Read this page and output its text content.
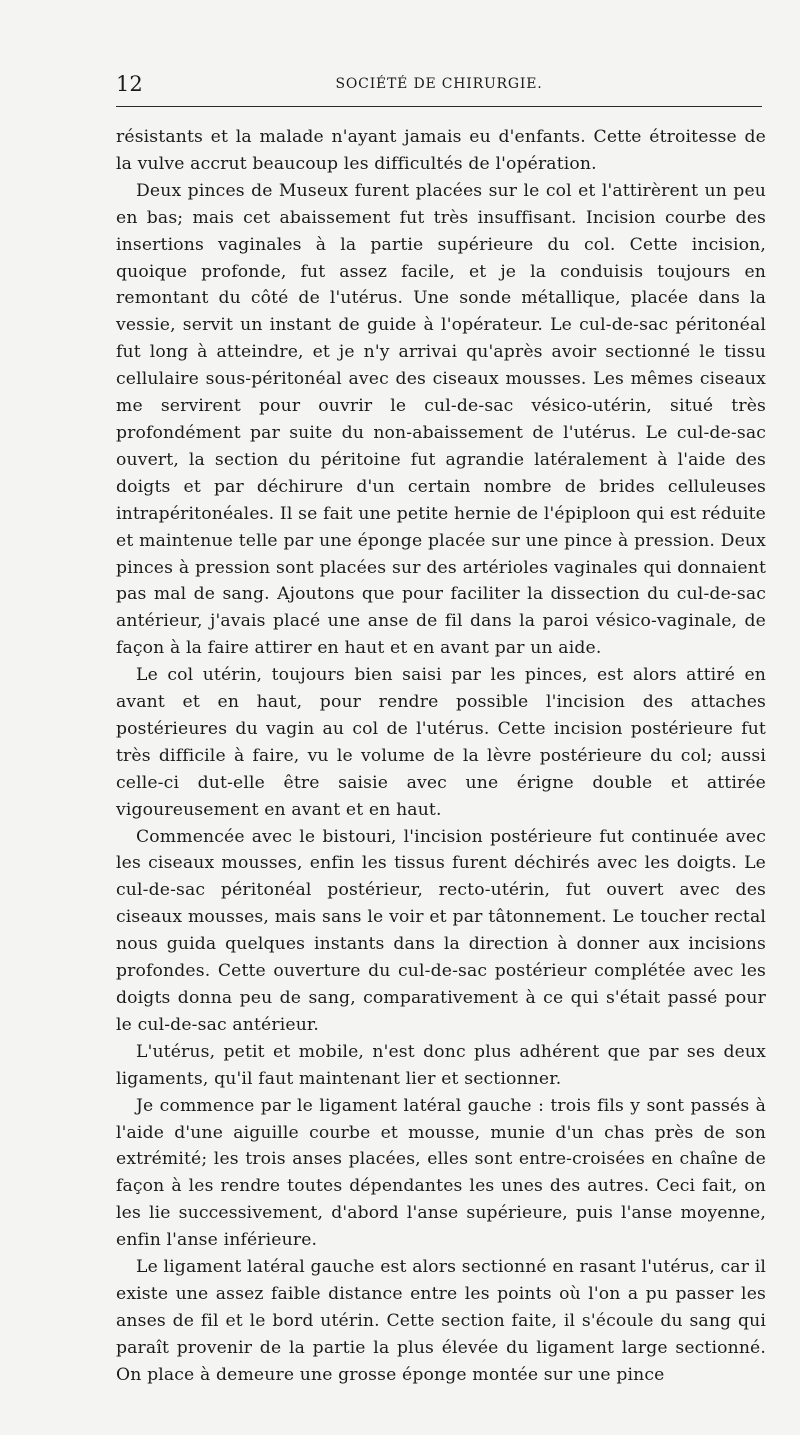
12	SOCIÉTÉ DE CHIRURGIE.

résistants et la malade n'ayant jamais eu d'enfants. Cette étroitesse de la vulve accrut beaucoup les difficultés de l'opération.

Deux pinces de Museux furent placées sur le col et l'attirèrent un peu en bas; mais cet abaissement fut très insuffisant. Incision courbe des insertions vaginales à la partie supérieure du col. Cette incision, quoique profonde, fut assez facile, et je la conduisis toujours en remontant du côté de l'utérus. Une sonde métallique, placée dans la vessie, servit un instant de guide à l'opérateur. Le cul-de-sac péritonéal fut long à atteindre, et je n'y arrivai qu'après avoir sectionné le tissu cellulaire sous-péritonéal avec des ciseaux mousses. Les mêmes ciseaux me servirent pour ouvrir le cul-de-sac vésico-utérin, situé très profondément par suite du non-abaissement de l'utérus. Le cul-de-sac ouvert, la section du péritoine fut agrandie latéralement à l'aide des doigts et par déchirure d'un certain nombre de brides celluleuses intrapéritonéales. Il se fait une petite hernie de l'épiploon qui est réduite et maintenue telle par une éponge placée sur une pince à pression. Deux pinces à pression sont placées sur des artérioles vaginales qui donnaient pas mal de sang. Ajoutons que pour faciliter la dissection du cul-de-sac antérieur, j'avais placé une anse de fil dans la paroi vésico-vaginale, de façon à la faire attirer en haut et en avant par un aide.

Le col utérin, toujours bien saisi par les pinces, est alors attiré en avant et en haut, pour rendre possible l'incision des attaches postérieures du vagin au col de l'utérus. Cette incision postérieure fut très difficile à faire, vu le volume de la lèvre postérieure du col; aussi celle-ci dut-elle être saisie avec une érigne double et attirée vigoureusement en avant et en haut.

Commencée avec le bistouri, l'incision postérieure fut continuée avec les ciseaux mousses, enfin les tissus furent déchirés avec les doigts. Le cul-de-sac péritonéal postérieur, recto-utérin, fut ouvert avec des ciseaux mousses, mais sans le voir et par tâtonnement. Le toucher rectal nous guida quelques instants dans la direction à donner aux incisions profondes. Cette ouverture du cul-de-sac postérieur complétée avec les doigts donna peu de sang, comparativement à ce qui s'était passé pour le cul-de-sac antérieur.

L'utérus, petit et mobile, n'est donc plus adhérent que par ses deux ligaments, qu'il faut maintenant lier et sectionner.

Je commence par le ligament latéral gauche : trois fils y sont passés à l'aide d'une aiguille courbe et mousse, munie d'un chas près de son extrémité; les trois anses placées, elles sont entre-croisées en chaîne de façon à les rendre toutes dépendantes les unes des autres. Ceci fait, on les lie successivement, d'abord l'anse supérieure, puis l'anse moyenne, enfin l'anse inférieure.

Le ligament latéral gauche est alors sectionné en rasant l'utérus, car il existe une assez faible distance entre les points où l'on a pu passer les anses de fil et le bord utérin. Cette section faite, il s'écoule du sang qui paraît provenir de la partie la plus élevée du ligament large sectionné. On place à demeure une grosse éponge montée sur une pince
